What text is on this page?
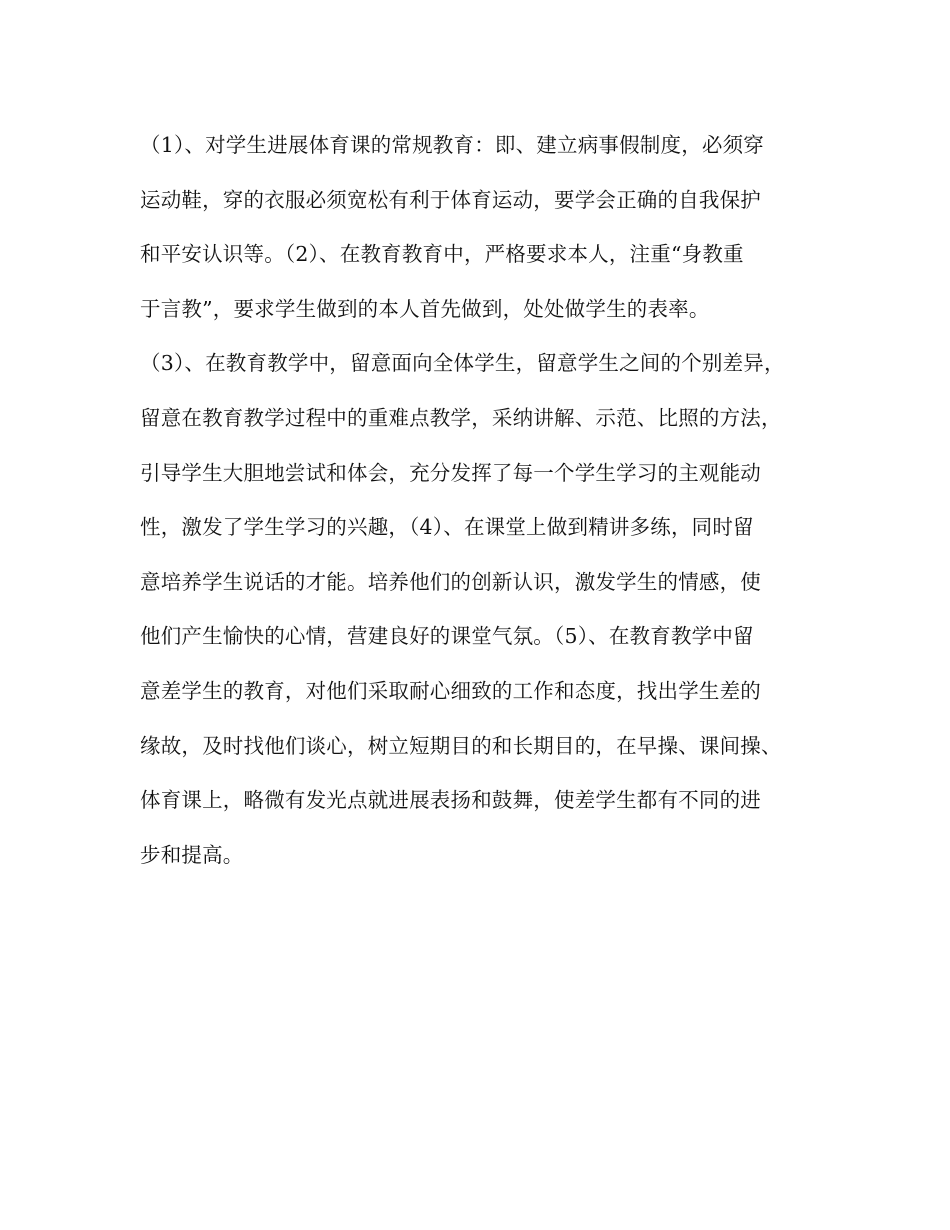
（1）、对学生进展体育课的常规教育：即、建立病事假制度，必须穿
运动鞋，穿的衣服必须宽松有利于体育运动，要学会正确的自我保护
和平安认识等。（2）、在教育教育中，严格要求本人，注重“身教重
于言教”，要求学生做到的本人首先做到，处处做学生的表率。
（3）、在教育教学中，留意面向全体学生，留意学生之间的个别差异，
留意在教育教学过程中的重难点教学，采纳讲解、示范、比照的方法，
引导学生大胆地尝试和体会，充分发挥了每一个学生学习的主观能动
性，激发了学生学习的兴趣，（4）、在课堂上做到精讲多练，同时留
意培养学生说话的才能。培养他们的创新认识，激发学生的情感，使
他们产生愉快的心情，营建良好的课堂气氛。（5）、在教育教学中留
意差学生的教育，对他们采取耐心细致的工作和态度，找出学生差的
缘故，及时找他们谈心，树立短期目的和长期目的，在早操、课间操、
体育课上，略微有发光点就进展表扬和鼓舞，使差学生都有不同的进
步和提高。
